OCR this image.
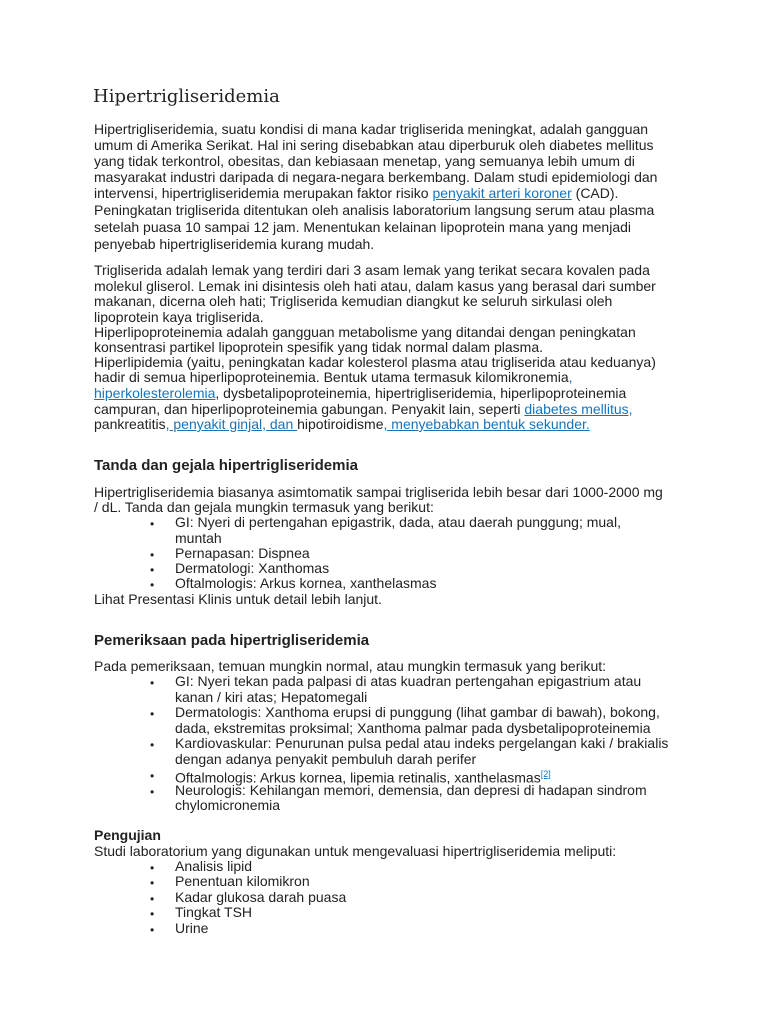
Hipertrigliseridemia

Hipertrigliseridemia, suatu kondisi di mana kadar trigliserida meningkat, adalah gangguan

umum di Amerika Serikat. Hal ini sering disebabkan atau diperburuk oleh diabetes mellitus

yang tidak terkontrol, obesitas, dan kebiasaan menetap, yang semuanya lebih umum di

masyarakat industri daripada di negara-negara berkembang. Dalam studi epidemiologi dan

intervensi, hipertrigliseridemia merupakan faktor risiko penyakit arteri koroner (CAD).

Peningkatan trigliserida ditentukan oleh analisis laboratorium langsung serum atau plasma

setelah puasa 10 sampai 12 jam. Menentukan kelainan lipoprotein mana yang menjadi

penyebab hipertrigliseridemia kurang mudah.

Trigliserida adalah lemak yang terdiri dari 3 asam lemak yang terikat secara kovalen pada

molekul gliserol. Lemak ini disintesis oleh hati atau, dalam kasus yang berasal dari sumber

makanan, dicerna oleh hati; Trigliserida kemudian diangkut ke seluruh sirkulasi oleh

lipoprotein kaya trigliserida.

Hiperlipoproteinemia adalah gangguan metabolisme yang ditandai dengan peningkatan

konsentrasi partikel lipoprotein spesifik yang tidak normal dalam plasma.

Hiperlipidemia (yaitu, peningkatan kadar kolesterol plasma atau trigliserida atau keduanya)

hadir di semua hiperlipoproteinemia. Bentuk utama termasuk kilomikronemia,

hiperkolesterolemia, dysbetalipoproteinemia, hipertrigliseridemia, hiperlipoproteinemia

campuran, dan hiperlipoproteinemia gabungan. Penyakit lain, seperti diabetes mellitus,

pankreatitis, penyakit ginjal, dan hipotiroidisme, menyebabkan bentuk sekunder.

Tanda dan gejala hipertrigliseridemia

Hipertrigliseridemia biasanya asimtomatik sampai trigliserida lebih besar dari 1000-2000 mg

/ dL. Tanda dan gejala mungkin termasuk yang berikut:

• GI: Nyeri di pertengahan epigastrik, dada, atau daerah punggung; mual,

muntah

• Pernapasan: Dispnea

• Dermatologi: Xanthomas

• Oftalmologis: Arkus kornea, xanthelasmas

Lihat Presentasi Klinis untuk detail lebih lanjut.

Pemeriksaan pada hipertrigliseridemia

Pada pemeriksaan, temuan mungkin normal, atau mungkin termasuk yang berikut:

• GI: Nyeri tekan pada palpasi di atas kuadran pertengahan epigastrium atau

kanan / kiri atas; Hepatomegali

• Dermatologis: Xanthoma erupsi di punggung (lihat gambar di bawah), bokong,

dada, ekstremitas proksimal; Xanthoma palmar pada dysbetalipoproteinemia

• Kardiovaskular: Penurunan pulsa pedal atau indeks pergelangan kaki / brakialis

dengan adanya penyakit pembuluh darah perifer

• Oftalmologis: Arkus kornea, lipemia retinalis, xanthelasmas[2]

• Neurologis: Kehilangan memori, demensia, dan depresi di hadapan sindrom

chylomicronemia

Pengujian

Studi laboratorium yang digunakan untuk mengevaluasi hipertrigliseridemia meliputi:

• Analisis lipid

• Penentuan kilomikron

• Kadar glukosa darah puasa

• Tingkat TSH

• Urine
